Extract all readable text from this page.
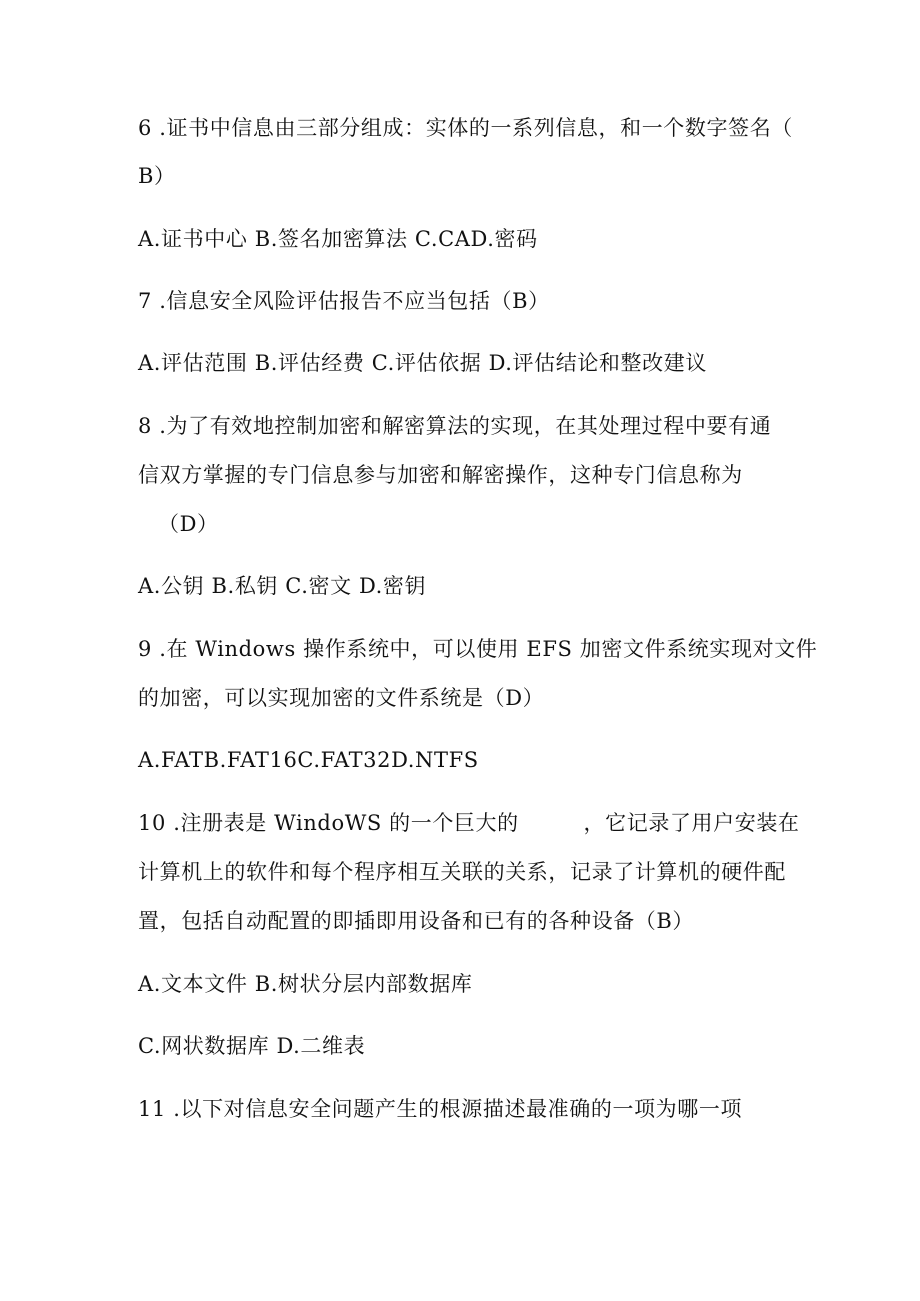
6 .证书中信息由三部分组成：实体的一系列信息，和一个数字签名（
B）
A.证书中心 B.签名加密算法 C.CAD.密码
7 .信息安全风险评估报告不应当包括（B）
A.评估范围 B.评估经费 C.评估依据 D.评估结论和整改建议
8 .为了有效地控制加密和解密算法的实现，在其处理过程中要有通
信双方掌握的专门信息参与加密和解密操作，这种专门信息称为
（D）
A.公钥 B.私钥 C.密文 D.密钥
9 .在 Windows 操作系统中，可以使用 EFS 加密文件系统实现对文件
的加密，可以实现加密的文件系统是（D）
A.FATB.FAT16C.FAT32D.NTFS
10 .注册表是 WindoWS 的一个巨大的　　　，它记录了用户安装在
计算机上的软件和每个程序相互关联的关系，记录了计算机的硬件配
置，包括自动配置的即插即用设备和已有的各种设备（B）
A.文本文件 B.树状分层内部数据库
C.网状数据库 D.二维表
11 .以下对信息安全问题产生的根源描述最准确的一项为哪一项
